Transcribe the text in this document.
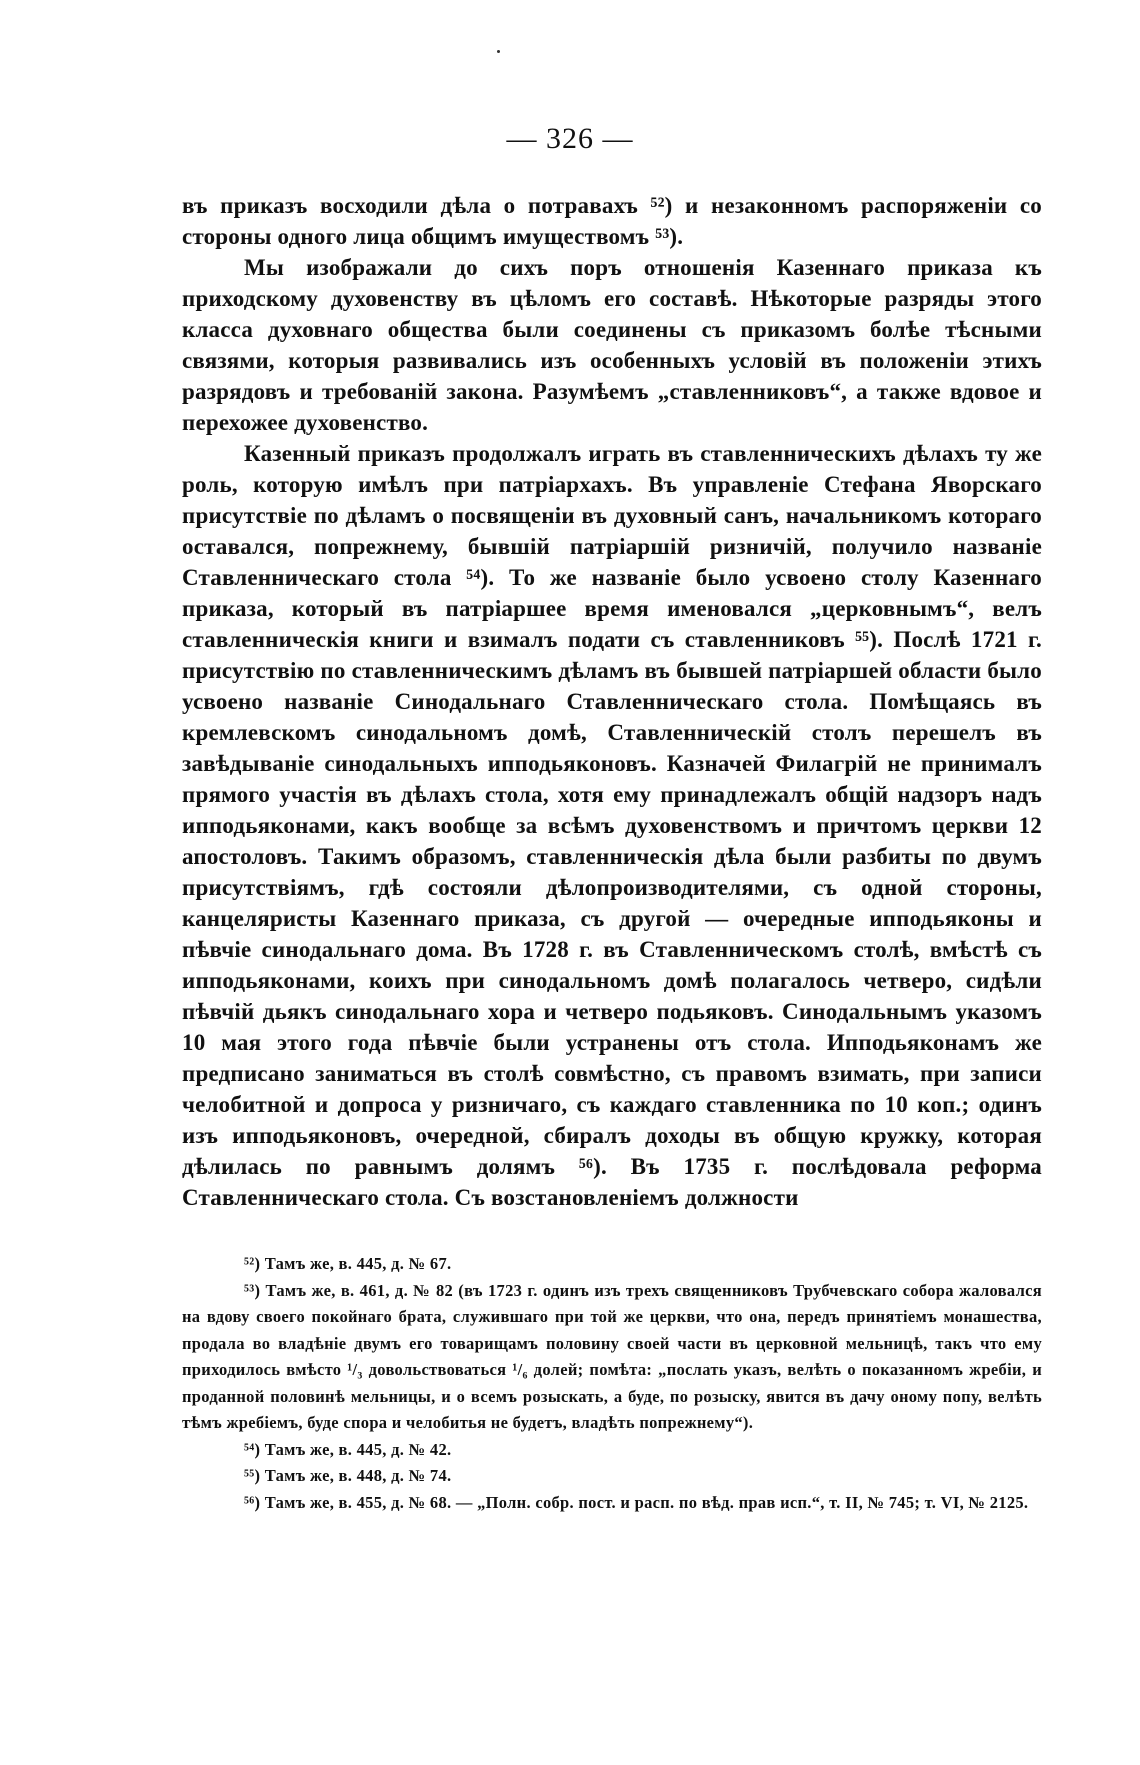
— 326 —

въ приказъ восходили дѣла о потравахъ ⁵²) и незаконномъ распоряженіи со стороны одного лица общимъ имуществомъ ⁵³).

Мы изображали до сихъ поръ отношенія Казеннаго приказа къ приходскому духовенству въ цѣломъ его составѣ. Нѣкоторые разряды этого класса духовнаго общества были соединены съ приказомъ болѣе тѣсными связями, которыя развивались изъ особенныхъ условій въ положеніи этихъ разрядовъ и требованій закона. Разумѣемъ „ставленниковъ“, а также вдовое и перехожее духовенство.

Казенный приказъ продолжалъ играть въ ставленническихъ дѣлахъ ту же роль, которую имѣлъ при патріархахъ. Въ управленіе Стефана Яворскаго присутствіе по дѣламъ о посвященіи въ духовный санъ, начальникомъ котораго оставался, попрежнему, бывшій патріаршій ризничій, получило названіе Ставленническаго стола ⁵⁴). То же названіе было усвоено столу Казеннаго приказа, который въ патріаршее время именовался „церковнымъ“, велъ ставленническія книги и взималъ подати съ ставленниковъ ⁵⁵). Послѣ 1721 г. присутствію по ставленническимъ дѣламъ въ бывшей патріаршей области было усвоено названіе Синодальнаго Ставленническаго стола. Помѣщаясь въ кремлевскомъ синодальномъ домѣ, Ставленническій столъ перешелъ въ завѣдываніе синодальныхъ ипподьяконовъ. Казначей Филагрій не принималъ прямого участія въ дѣлахъ стола, хотя ему принадлежалъ общій надзоръ надъ ипподьяконами, какъ вообще за всѣмъ духовенствомъ и причтомъ церкви 12 апостоловъ. Такимъ образомъ, ставленническія дѣла были разбиты по двумъ присутствіямъ, гдѣ состояли дѣлопроизводителями, съ одной стороны, канцеляристы Казеннаго приказа, съ другой — очередные ипподьяконы и пѣвчіе синодальнаго дома. Въ 1728 г. въ Ставленническомъ столѣ, вмѣстѣ съ ипподьяконами, коихъ при синодальномъ домѣ полагалось четверо, сидѣли пѣвчій дьякъ синодальнаго хора и четверо подьяковъ. Синодальнымъ указомъ 10 мая этого года пѣвчіе были устранены отъ стола. Ипподьяконамъ же предписано заниматься въ столѣ совмѣстно, съ правомъ взимать, при записи челобитной и допроса у ризничаго, съ каждаго ставленника по 10 коп.; одинъ изъ ипподьяконовъ, очередной, сбиралъ доходы въ общую кружку, которая дѣлилась по равнымъ долямъ ⁵⁶). Въ 1735 г. послѣдовала реформа Ставленническаго стола. Съ возстановленіемъ должности

⁵²) Тамъ же, в. 445, д. № 67.

⁵³) Тамъ же, в. 461, д. № 82 (въ 1723 г. одинъ изъ трехъ священниковъ Трубчевскаго собора жаловался на вдову своего покойнаго брата, служившаго при той же церкви, что она, передъ принятіемъ монашества, продала во владѣніе двумъ его товарищамъ половину своей части въ церковной мельницѣ, такъ что ему приходилось вмѣсто ¹/₃ довольствоваться ¹/₆ долей; помѣта: „послать указъ, велѣть о показанномъ жребіи, и проданной половинѣ мельницы, и о всемъ розыскать, а буде, по розыску, явится въ дачу оному попу, велѣть тѣмъ жребіемъ, буде спора и челобитья не будетъ, владѣть попрежнему“).

⁵⁴) Тамъ же, в. 445, д. № 42.

⁵⁵) Тамъ же, в. 448, д. № 74.

⁵⁶) Тамъ же, в. 455, д. № 68. — „Полн. собр. пост. и расп. по вѣд. прав исп.“, т. II, № 745; т. VI, № 2125.
